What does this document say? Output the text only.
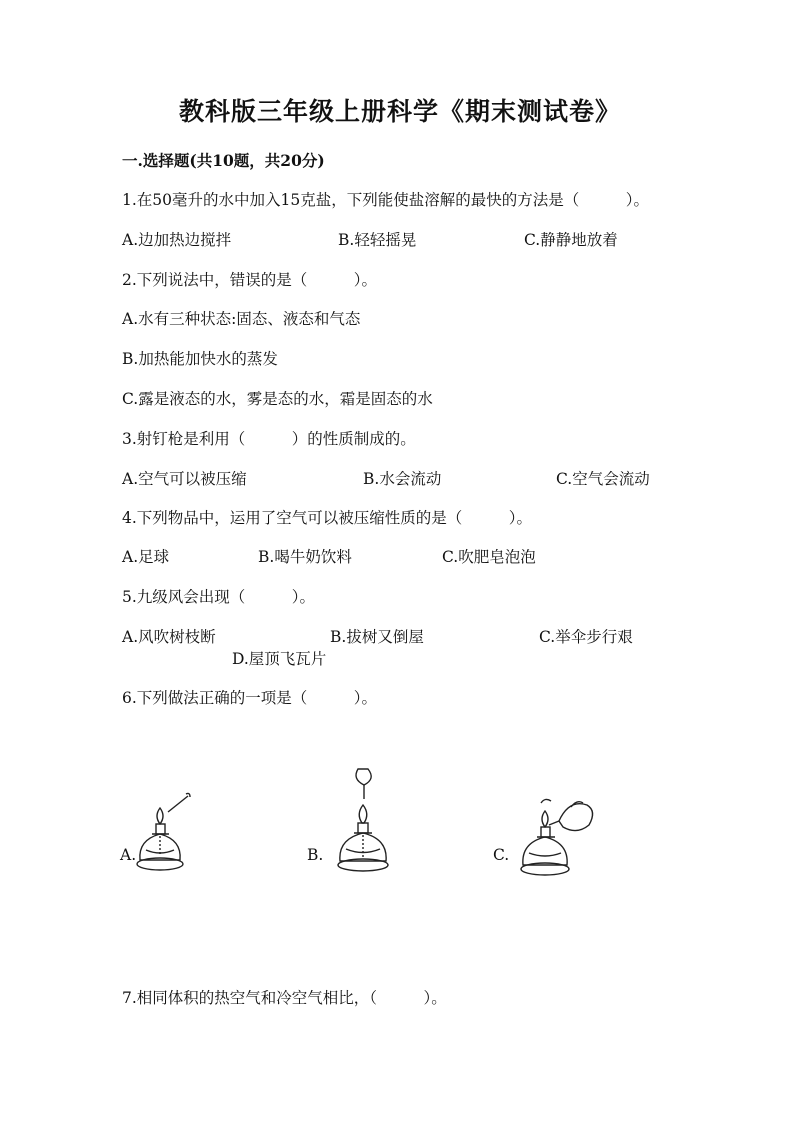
教科版三年级上册科学《期末测试卷》
一.选择题(共10题，共20分)
1.在50毫升的水中加入15克盐，下列能使盐溶解的最快的方法是（　　　）。
A.边加热边搅拌	B.轻轻摇晃	C.静静地放着
2.下列说法中，错误的是（　　　）。
A.水有三种状态:固态、液态和气态
B.加热能加快水的蒸发
C.露是液态的水，雾是态的水，霜是固态的水
3.射钉枪是利用（　　　）的性质制成的。
A.空气可以被压缩	B.水会流动	C.空气会流动
4.下列物品中，运用了空气可以被压缩性质的是（　　　）。
A.足球	B.喝牛奶饮料	C.吹肥皂泡泡
5.九级风会出现（　　　）。
A.风吹树枝断	B.拔树又倒屋	C.举伞步行艰
D.屋顶飞瓦片
6.下列做法正确的一项是（　　　）。
A.	B.	C.
7.相同体积的热空气和冷空气相比，（　　　）。
